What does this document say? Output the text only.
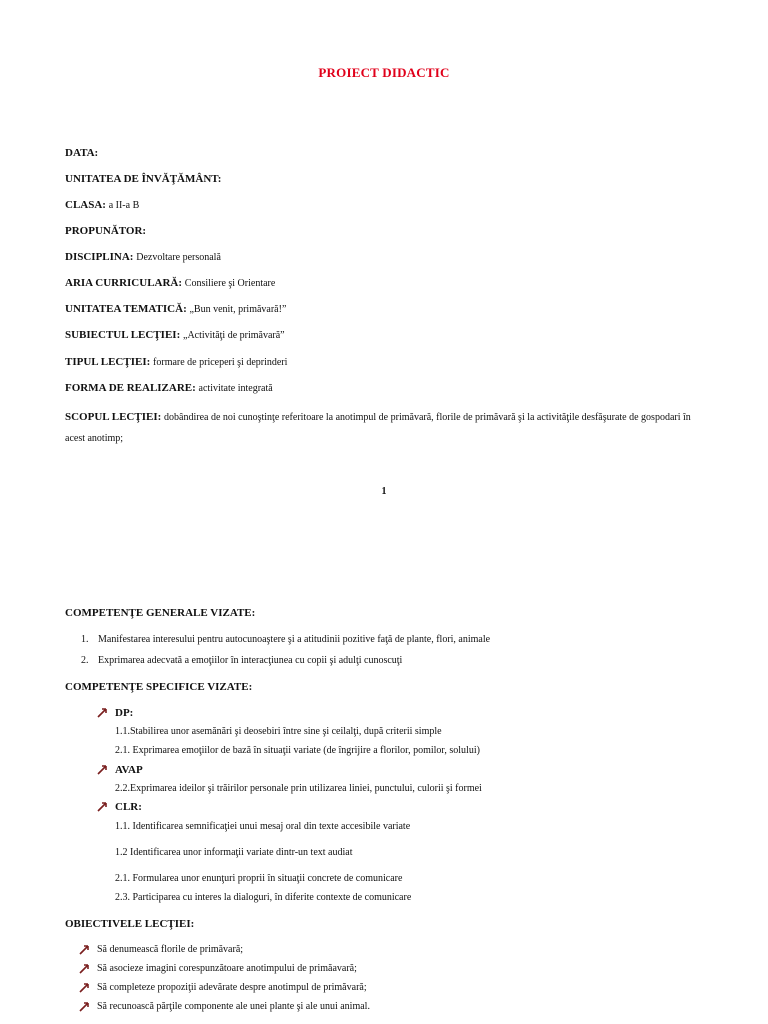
PROIECT DIDACTIC
DATA:
UNITATEA DE ÎNVĂŢĂMÂNT:
CLASA: a II-a B
PROPUNĂTOR:
DISCIPLINA: Dezvoltare personală
ARIA CURRICULARĂ: Consiliere şi Orientare
UNITATEA TEMATICĂ: „Bun venit, primăvară!”
SUBIECTUL LECŢIEI: „Activităţi de primăvară”
TIPUL LECŢIEI: formare de priceperi şi deprinderi
FORMA DE REALIZARE: activitate integrată
SCOPUL LECŢIEI: dobândirea de noi cunoştinţe referitoare la anotimpul de primăvară, florile de primăvară şi la activităţile desfăşurate de gospodari în acest anotimp;
1
COMPETENŢE GENERALE VIZATE:
1. Manifestarea interesului pentru autocunoaştere şi a atitudinii pozitive faţă de plante, flori, animale
2. Exprimarea adecvată a emoţiilor în interacţiunea cu copii şi adulţi cunoscuţi
COMPETENŢE SPECIFICE VIZATE:
DP:
1.1.Stabilirea unor asemănări şi deosebiri între sine şi ceilalţi, după criterii simple
2.1. Exprimarea emoţiilor de bază în situaţii variate (de îngrijire a florilor, pomilor, solului)
AVAP
2.2.Exprimarea ideilor şi trăirilor personale prin utilizarea liniei, punctului, culorii şi formei
CLR:
1.1. Identificarea semnificaţiei unui mesaj oral din texte accesibile variate
1.2 Identificarea unor informaţii variate dintr-un text audiat
2.1. Formularea unor enunţuri proprii în situaţii concrete de comunicare
2.3. Participarea cu interes la dialoguri, în diferite contexte de comunicare
OBIECTIVELE LECŢIEI:
Să denumească florile de primăvară;
Să asocieze imagini corespunzătoare anotimpului de primăavară;
Să completeze propoziţii adevărate despre anotimpul de primăvară;
Să recunoască părţile componente ale unei plante şi ale unui animal.
